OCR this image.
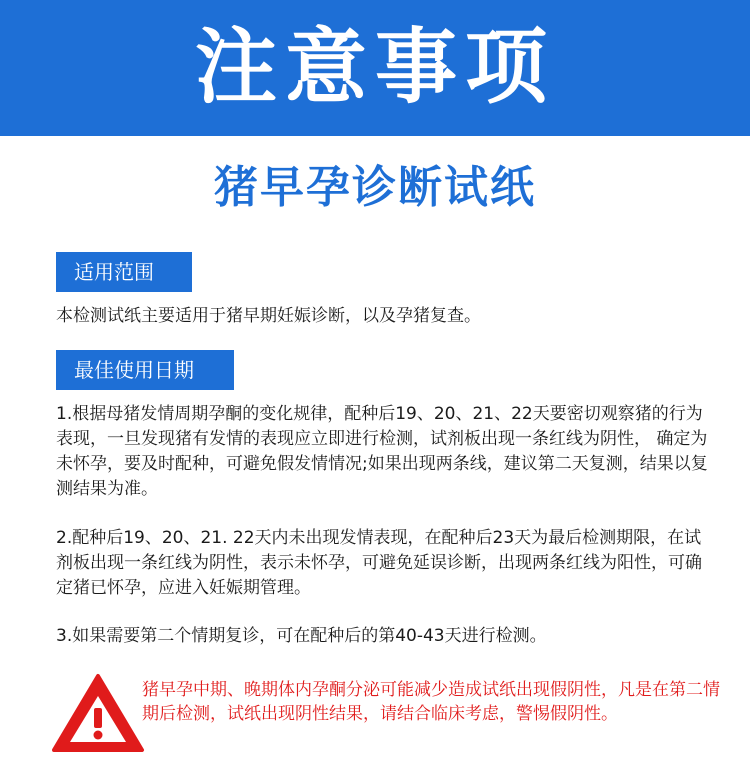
注意事项
猪早孕诊断试纸
适用范围
本检测试纸主要适用于猪早期妊娠诊断，以及孕猪复查。
最佳使用日期
1.根据母猪发情周期孕酮的变化规律，配种后19、20、21、22天要密切观察猪的行为表现，一旦发现猪有发情的表现应立即进行检测，试剂板出现一条红线为阴性， 确定为未怀孕，要及时配种，可避免假发情情况;如果出现两条线，建议第二天复测，结果以复测结果为准。
2.配种后19、20、21. 22天内未出现发情表现，在配种后23天为最后检测期限，在试剂板出现一条红线为阴性，表示未怀孕，可避免延误诊断，出现两条红线为阳性，可确定猪已怀孕，应进入妊娠期管理。
3.如果需要第二个情期复诊，可在配种后的第40-43天进行检测。
猪早孕中期、晚期体内孕酮分泌可能减少造成试纸出现假阴性，凡是在第二情期后检测，试纸出现阴性结果，请结合临床考虑，警惕假阴性。
